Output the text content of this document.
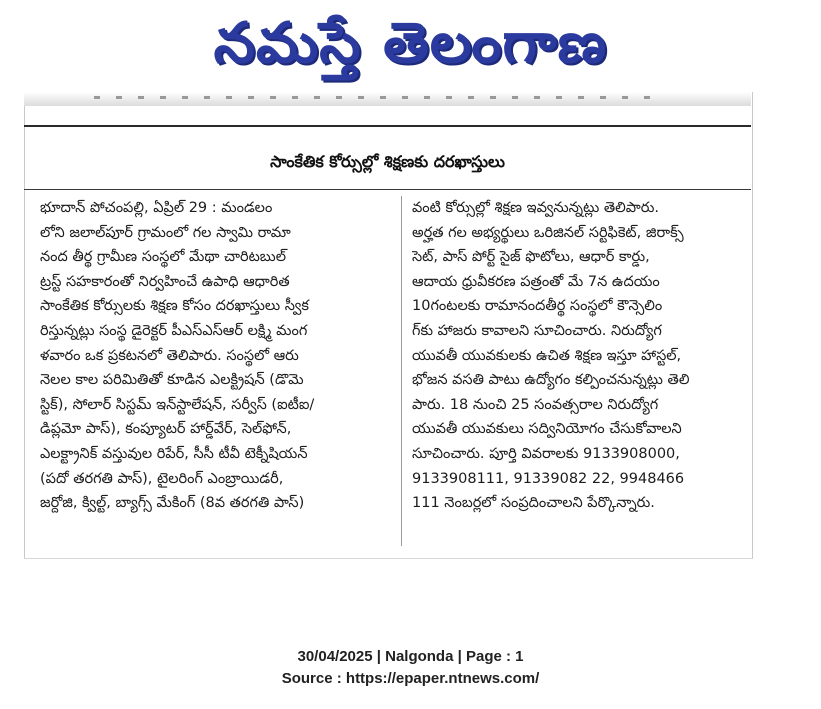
నమస్తే తెలంగాణ
సాంకేతిక కోర్సుల్లో శిక్షణకు దరఖాస్తులు
భూదాన్ పోచంపల్లి, ఏప్రిల్ 29 : మండలం
లోని జలాల్‌పూర్ గ్రామంలో గల స్వామి రామా
నంద తీర్థ గ్రామీణ సంస్థలో మేథా చారిటబుల్
ట్రస్ట్ సహకారంతో నిర్వహించే ఉపాధి ఆధారిత
సాంకేతిక కోర్సులకు శిక్షణ కోసం దరఖాస్తులు స్వీక
రిస్తున్నట్లు సంస్థ డైరెక్టర్ పీఎస్ఎస్ఆర్ లక్ష్మి మంగ
ళవారం ఒక ప్రకటనలో తెలిపారు. సంస్థలో ఆరు
నెలల కాల పరిమితితో కూడిన ఎలక్ట్రిషన్ (డొమె
స్టిక్), సోలార్ సిస్టమ్ ఇన్‌స్టాలేషన్, సర్వీస్ (ఐటీఐ/
డిప్లమో పాస్), కంప్యూటర్ హార్డ్‌వేర్, సెల్‌ఫోన్,
ఎలక్ట్రానిక్ వస్తువుల రిపేర్, సీసీ టీవీ టెక్నీషియన్
(పదో తరగతి పాస్), టైలరింగ్ ఎంబ్రాయిడరీ,
జర్దోజి, క్విల్ట్, బ్యాగ్స్ మేకింగ్ (8వ తరగతి పాస్)
వంటి కోర్సుల్లో శిక్షణ ఇవ్వనున్నట్లు తెలిపారు.
అర్హత గల అభ్యర్థులు ఒరిజినల్ సర్టిఫికెట్, జిరాక్స్
సెట్, పాస్ పోర్ట్ సైజ్ ఫొటోలు, ఆధార్ కార్డు,
ఆదాయ ధ్రువీకరణ పత్రంతో మే 7న ఉదయం
10గంటలకు రామానందతీర్థ సంస్థలో కౌన్సెలిం
గ్‌కు హాజరు కావాలని సూచించారు. నిరుద్యోగ
యువతీ యువకులకు ఉచిత శిక్షణ ఇస్తూ హాస్టల్,
భోజన వసతి పాటు ఉద్యోగం కల్పించనున్నట్లు తెలి
పారు. 18 నుంచి 25 సంవత్సరాల నిరుద్యోగ
యువతీ యువకులు సద్వినియోగం చేసుకోవాలని
సూచించారు. పూర్తి వివరాలకు 9133908000,
9133908111, 91339082 22, 9948466
111 నెంబర్లలో సంప్రదించాలని పేర్కొన్నారు.
30/04/2025 | Nalgonda | Page : 1
Source : https://epaper.ntnews.com/
